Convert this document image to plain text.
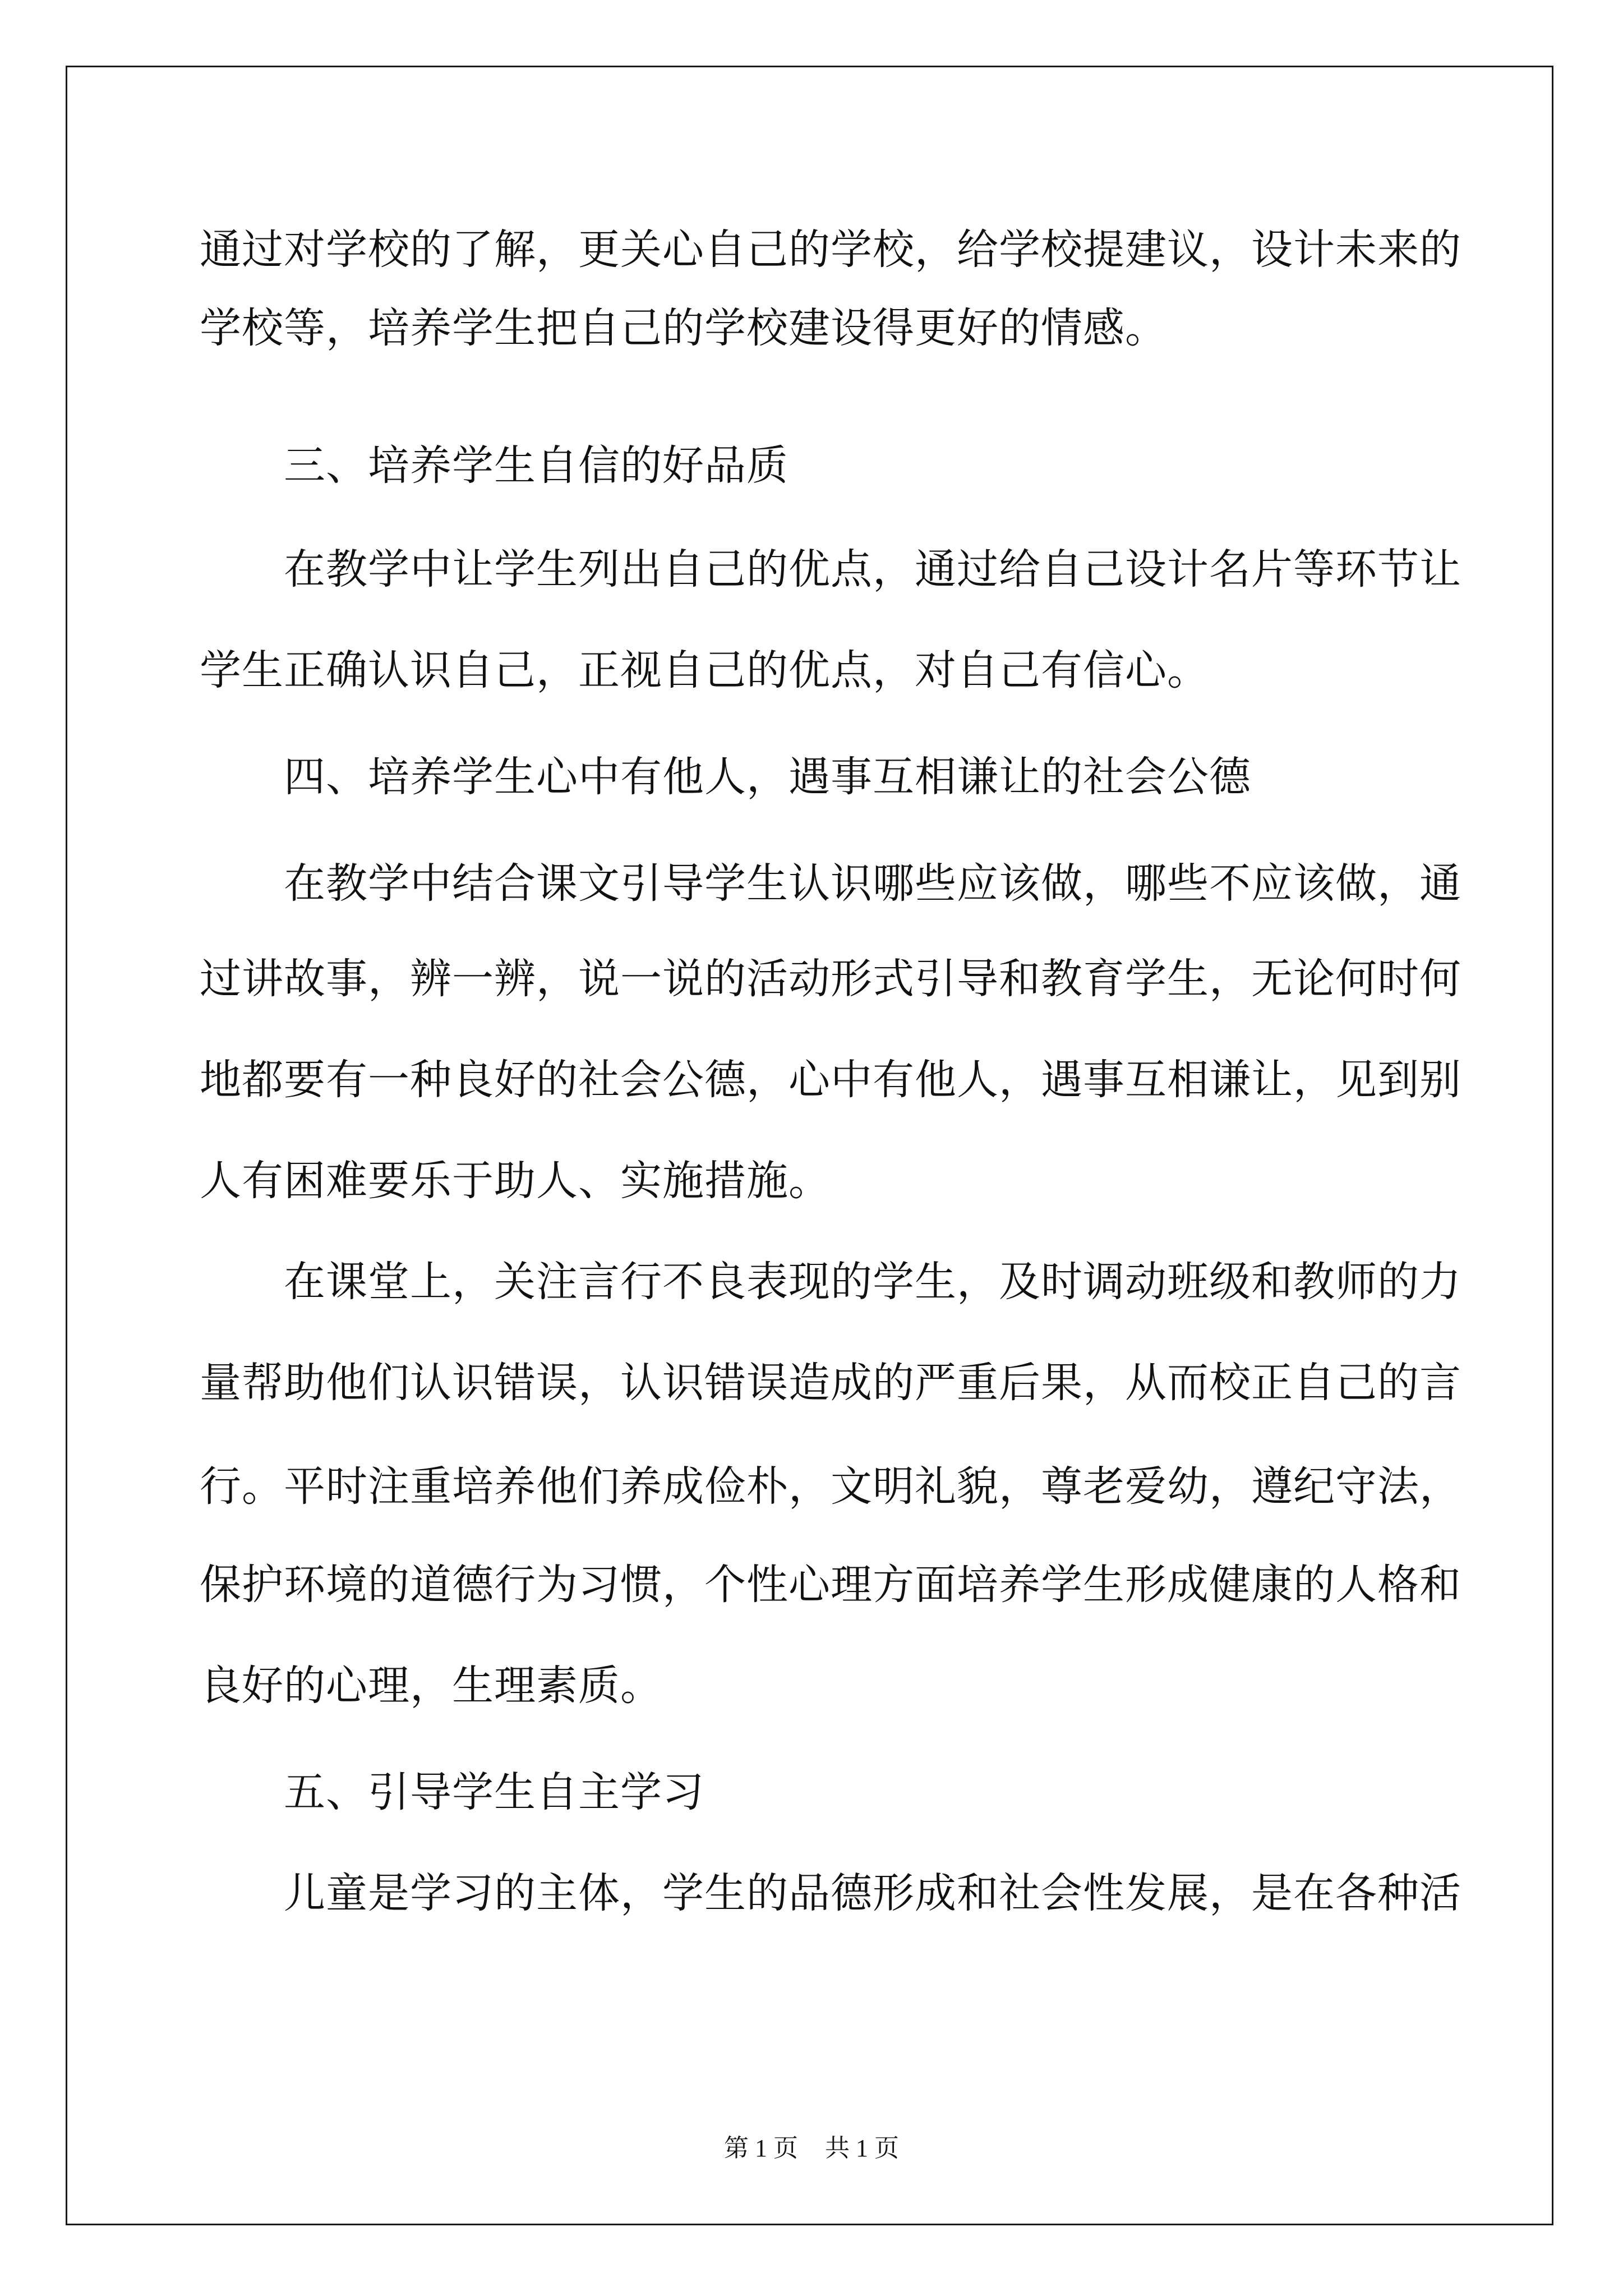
通过对学校的了解，更关心自己的学校，给学校提建议，设计未来的
学校等，培养学生把自己的学校建设得更好的情感。
三、培养学生自信的好品质
在教学中让学生列出自己的优点，通过给自己设计名片等环节让
学生正确认识自己，正视自己的优点，对自己有信心。
四、培养学生心中有他人，遇事互相谦让的社会公德
在教学中结合课文引导学生认识哪些应该做，哪些不应该做，通
过讲故事，辨一辨，说一说的活动形式引导和教育学生，无论何时何
地都要有一种良好的社会公德，心中有他人，遇事互相谦让，见到别
人有困难要乐于助人、实施措施。
在课堂上，关注言行不良表现的学生，及时调动班级和教师的力
量帮助他们认识错误，认识错误造成的严重后果，从而校正自己的言
行。平时注重培养他们养成俭朴，文明礼貌，尊老爱幼，遵纪守法，
保护环境的道德行为习惯，个性心理方面培养学生形成健康的人格和
良好的心理，生理素质。
五、引导学生自主学习
儿童是学习的主体，学生的品德形成和社会性发展，是在各种活
第 1 页 共 1 页
